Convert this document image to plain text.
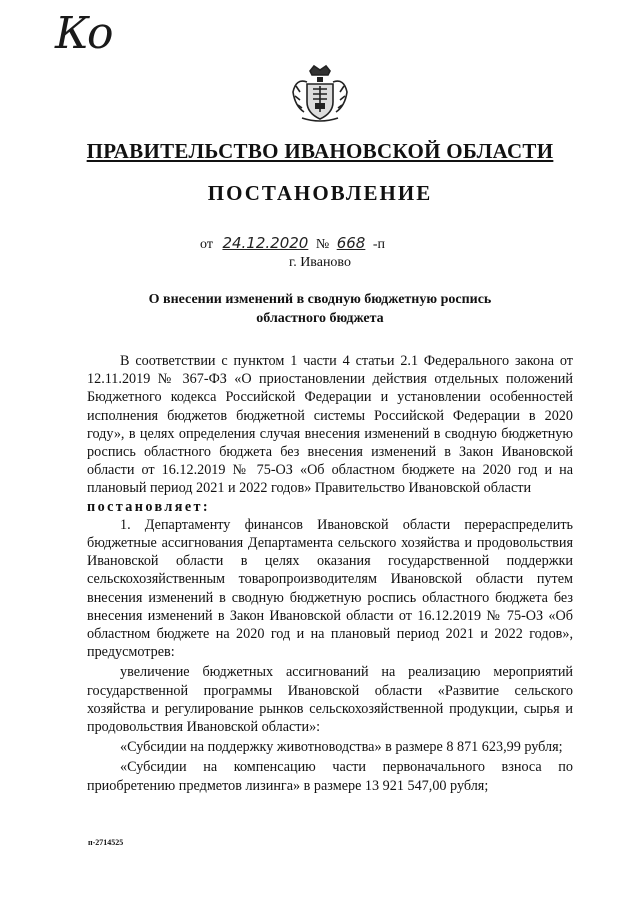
Ко
ПРАВИТЕЛЬСТВО ИВАНОВСКОЙ ОБЛАСТИ
ПОСТАНОВЛЕНИЕ
от 24.12.2020 № 668 -п
г. Иваново
О внесении изменений в сводную бюджетную роспись
областного бюджета

В соответствии с пунктом 1 части 4 статьи 2.1 Федерального закона от 12.11.2019 № 367-ФЗ «О приостановлении действия отдельных положений Бюджетного кодекса Российской Федерации и установлении особенностей исполнения бюджетов бюджетной системы Российской Федерации в 2020 году», в целях определения случая внесения изменений в сводную бюджетную роспись областного бюджета без внесения изменений в Закон Ивановской области от 16.12.2019 № 75-ОЗ «Об областном бюджете на 2020 год и на плановый период 2021 и 2022 годов» Правительство Ивановской области

постановляет:

1. Департаменту финансов Ивановской области перераспределить бюджетные ассигнования Департамента сельского хозяйства и продовольствия Ивановской области в целях оказания государственной поддержки сельскохозяйственным товаропроизводителям Ивановской области путем внесения изменений в сводную бюджетную роспись областного бюджета без внесения изменений в Закон Ивановской области от 16.12.2019 № 75-ОЗ «Об областном бюджете на 2020 год и на плановый период 2021 и 2022 годов», предусмотрев:

увеличение бюджетных ассигнований на реализацию мероприятий государственной программы Ивановской области «Развитие сельского хозяйства и регулирование рынков сельскохозяйственной продукции, сырья и продовольствия Ивановской области»:

«Субсидии на поддержку животноводства» в размере 8 871 623,99 рубля;

«Субсидии на компенсацию части первоначального взноса по приобретению предметов лизинга» в размере 13 921 547,00 рубля;

п-2714525
